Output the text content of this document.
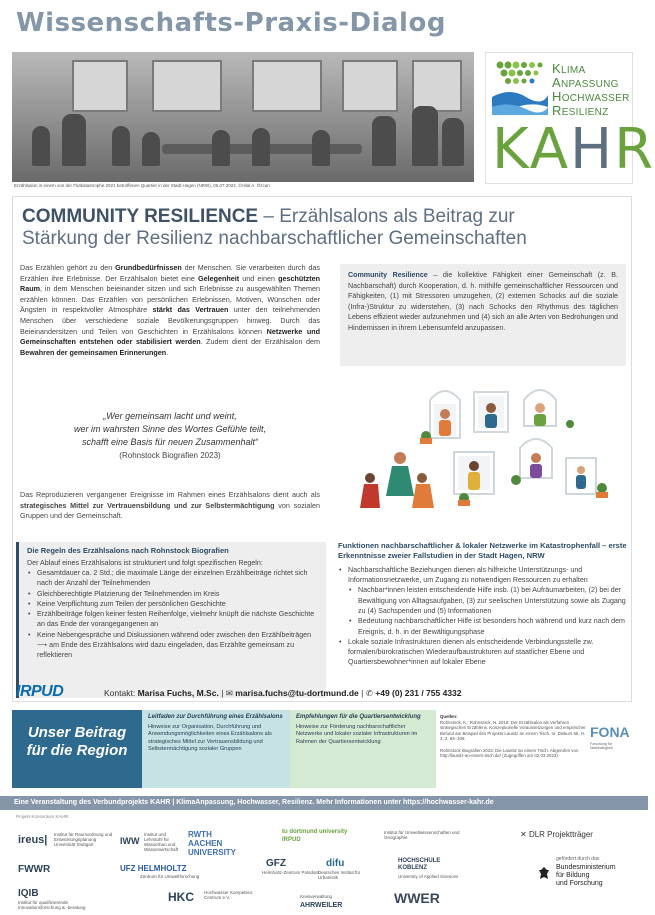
Wissenschafts-Praxis-Dialog
Erzählsalon in einem von der Flutkatastrophe 2021 betroffenen Quartier in der Stadt Hagen (NRW), 05.07.2022, ©Hilal A. Özcan
KLIMA
ANPASSUNG
HOCHWASSER
RESILIENZ
KAHR
COMMUNITY RESILIENCE – Erzählsalons als Beitrag zur
Stärkung der Resilienz nachbarschaftlicher Gemeinschaften
Das Erzählen gehört zu den Grundbedürfnissen der Menschen. Sie verarbeiten durch das Erzählen ihre Erlebnisse. Der Erzählsalon bietet eine Gelegenheit und einen geschützten Raum, in dem Menschen beieinander sitzen und sich Erlebnisse zu ausgewählten Themen erzählen können. Das Erzählen von persönlichen Erlebnissen, Motiven, Wünschen oder Ängsten in respektvoller Atmosphäre stärkt das Vertrauen unter den teilnehmenden Menschen über verschiedene soziale Bevölkerungsgruppen hinweg. Durch das Beieinandersitzen und Teilen von Geschichten in Erzählsalons können Netzwerke und Gemeinschaften entstehen oder stabilisiert werden. Zudem dient der Erzählsalon dem Bewahren der gemeinsamen Erinnerungen.
„Wer gemeinsam lacht und weint,
wer im wahrsten Sinne des Wortes Gefühle teilt,
schafft eine Basis für neuen Zusammenhalt“
(Rohnstock Biografien 2023)
Das Reproduzieren vergangener Ereignisse im Rahmen eines Erzählsalons dient auch als strategisches Mittel zur Vertrauensbildung und zur Selbstermächtigung von sozialen Gruppen und der Gemeinschaft.
Community Resilience – die kollektive Fähigkeit einer Gemeinschaft (z. B. Nachbarschaft) durch Kooperation, d. h. mithilfe gemeinschaftlicher Ressourcen und Fähigkeiten, (1) mit Stressoren umzugehen, (2) externen Schocks auf die soziale (Infra-)Struktur zu widerstehen, (3) nach Schocks den Rhythmus des täglichen Lebens effizient wieder aufzunehmen und (4) sich an alle Arten von Bedrohungen und Hindernissen in ihrem Lebensumfeld anzupassen.
Die Regeln des Erzählsalons nach Rohnstock Biografien
Der Ablauf eines Erzählsalons ist strukturiert und folgt spezifischen Regeln:
• Gesamtdauer ca. 2 Std.; die maximale Länge der einzelnen Erzählbeiträge richtet sich nach der Anzahl der Teilnehmenden
• Gleichberechtigte Platzierung der Teilnehmenden im Kreis
• Keine Verpflichtung zum Teilen der persönlichen Geschichte
• Erzählbeiträge folgen keiner festen Reihenfolge, vielmehr knüpft die nächste Geschichte an das Ende der vorangegangenen an
• Keine Nebengespräche und Diskussionen während oder zwischen den Erzählbeiträgen ⟶ am Ende des Erzählsalons wird dazu eingeladen, das Erzählte gemeinsam zu reflektieren
Funktionen nachbarschaftlicher & lokaler Netzwerke im Katastrophenfall – erste Erkenntnisse zweier Fallstudien in der Stadt Hagen, NRW
• Nachbarschaftliche Beziehungen dienen als hilfreiche Unterstützungs- und Informationsnetzwerke, um Zugang zu notwendigen Ressourcen zu erhalten
• Nachbar*innen leisten entscheidende Hilfe insb. (1) bei Aufräumarbeiten, (2) bei der Bewältigung von Alltagsaufgaben, (3) zur seelischen Unterstützung sowie als Zugang zu (4) Sachspenden und (5) Informationen
• Bedeutung nachbarschaftlicher Hilfe ist besonders hoch während und kurz nach dem Ereignis, d. h. in der Bewältigungsphase
• Lokale soziale Infrastrukturen dienen als entscheidende Verbindungsstelle zw. formalen/bürokratischen Wiederaufbaustrukturen auf staatlicher Ebene und Quartiersbewohner*innen auf lokaler Ebene
IRPUD	Kontakt: Marisa Fuchs, M.Sc. | ✉ marisa.fuchs@tu-dortmund.de | ✆ +49 (0) 231 / 755 4332
Unser Beitrag für die Region
Leitfaden zur Durchführung eines Erzählsalons
Hinweise zur Organisation, Durchführung und Anwendungsmöglichkeiten eines Erzählsalons als strategisches Mittel zur Vertrauensbildung und Selbstermächtigung sozialer Gruppen
Empfehlungen für die Quartiersentwicklung
Hinweise zur Förderung nachbarschaftlicher Netzwerke und lokaler sozialer Infrastrukturen im Rahmen der Quartiersentwicklung
Quellen:
Rohnstock, K.; Rohnstock, N. 2018: Der Erzählsalon als Verfahren strategischen Erzählens. Konzeptionelle Voraussetzungen und empirischer Befund am Beispiel des Projekts Lausitz an einem Tisch. In: Diskurs 65, H. 3, 2: 84–108.

Rohnstock Biografien 2023: Die Lausitz an einem Tisch. Abgerufen von http://lausitz-an-einem-tisch.de/ (Zugegriffen am 02.03.2023)
FONA
Forschung für Nachhaltigkeit
Eine Veranstaltung des Verbundprojekts KAHR | KlimaAnpassung, Hochwasser, Resilienz. Mehr Informationen unter https://hochwasser-kahr.de
Projekt-Konsortium KAHR:
ireus| Institut für Raumordnung und Entwicklungsplanung Universität Stuttgart	IWW
Institut und Lehrstuhl für Wasserbau und Wasserwirtschaft
RWTH AACHEN UNIVERSITY
tu dortmund university IRPUD
Institut für Umweltwissenschaften und Geographie
FWWR	UFZ HELMHOLTZ
Zentrum für Umweltforschung
GFZ
Helmholtz-Zentrum Potsdam
difu
Deutsches Institut für Urbanistik
HOCHSCHULE KOBLENZ
University of Applied Sciences
IQIB
Institut für qualifizierende Innovationsforschung & -beratung
HKC Hochwasser Kompetenz Centrum e.V.
AHRWEILER
Kreisverwaltung	WWER
✕ DLR Projektträger
gefördert durch das
Bundesministerium
für Bildung
und Forschung
